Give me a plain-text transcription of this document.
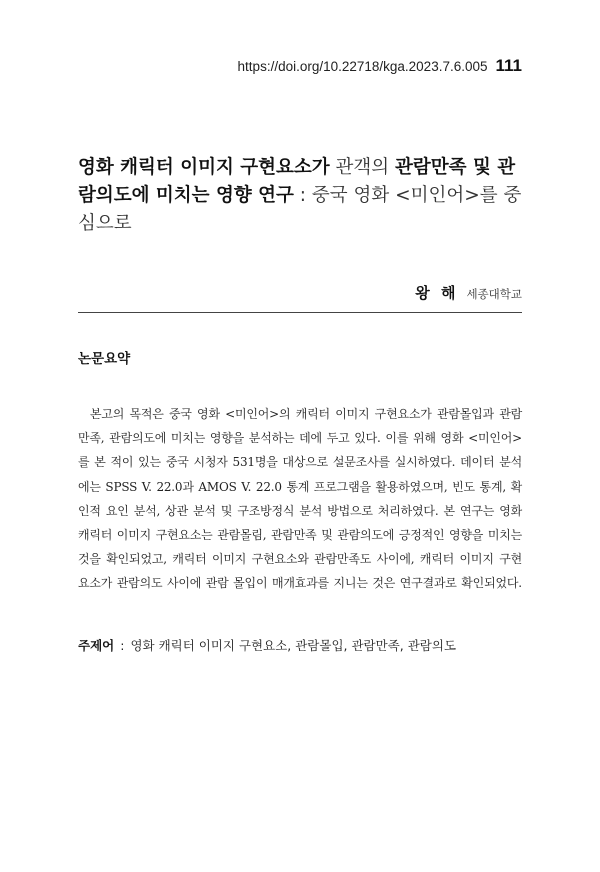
https://doi.org/10.22718/kga.2023.7.6.005 111
영화 캐릭터 이미지 구현요소가 관객의 관람만족 및 관람의도에 미치는 영향 연구 : 중국 영화 <미인어>를 중심으로
왕 해 세종대학교
논문요약

본고의 목적은 중국 영화 <미인어>의 캐릭터 이미지 구현요소가 관람몰입과 관람만족, 관람의도에 미치는 영향을 분석하는 데에 두고 있다. 이를 위해 영화 <미인어>를 본 적이 있는 중국 시청자 531명을 대상으로 설문조사를 실시하였다. 데이터 분석에는 SPSS V. 22.0과 AMOS V. 22.0 통계 프로그램을 활용하였으며, 빈도 통계, 확인적 요인 분석, 상관 분석 및 구조방정식 분석 방법으로 처리하였다. 본 연구는 영화 캐릭터 이미지 구현요소는 관람몰림, 관람만족 및 관람의도에 긍정적인 영향을 미치는 것을 확인되었고, 캐릭터 이미지 구현요소와 관람만족도 사이에, 캐릭터 이미지 구현요소가 관람의도 사이에 관람 몰입이 매개효과를 지니는 것은 연구결과로 확인되었다.

주제어 : 영화 캐릭터 이미지 구현요소, 관람몰입, 관람만족, 관람의도
